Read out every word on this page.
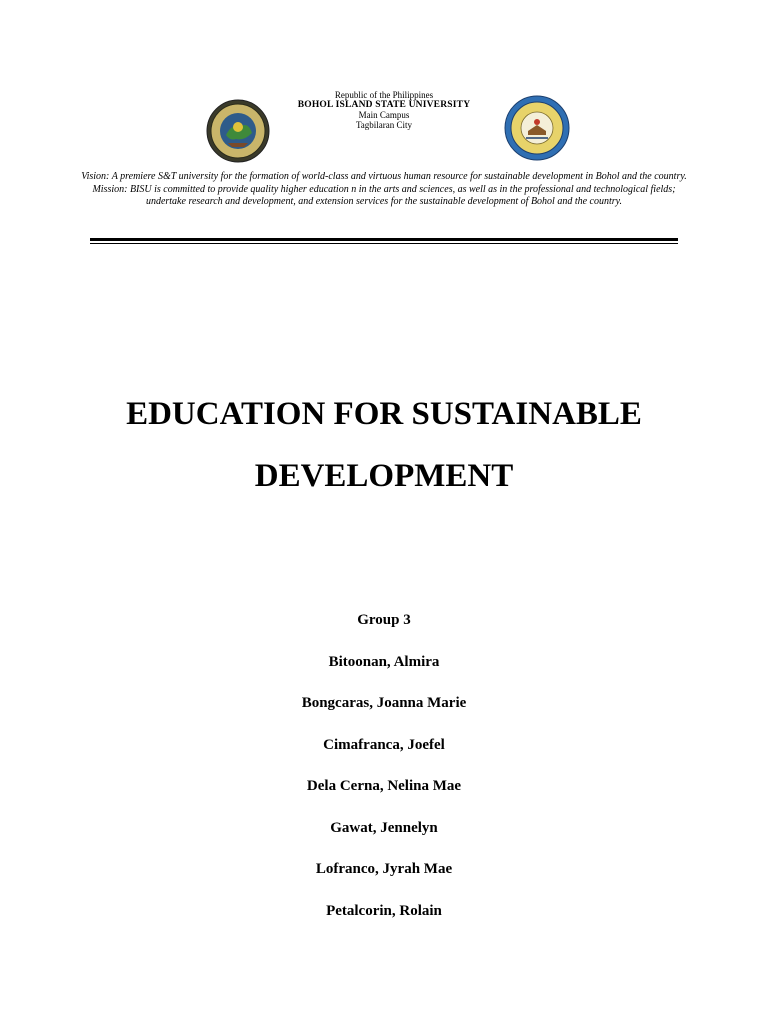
Republic of the Philippines
BOHOL ISLAND STATE UNIVERSITY
Main Campus
Tagbilaran City

Vision: A premiere S&T university for the formation of world-class and virtuous human resource for sustainable development in Bohol and the country.

Mission: BISU is committed to provide quality higher education n in the arts and sciences, as well as in the professional and technological fields;

undertake research and development, and extension services for the sustainable development of Bohol and the country.

EDUCATION FOR SUSTAINABLE
DEVELOPMENT
Group 3
Bitoonan, Almira
Bongcaras, Joanna Marie
Cimafranca, Joefel
Dela Cerna, Nelina Mae
Gawat, Jennelyn
Lofranco, Jyrah Mae
Petalcorin, Rolain
